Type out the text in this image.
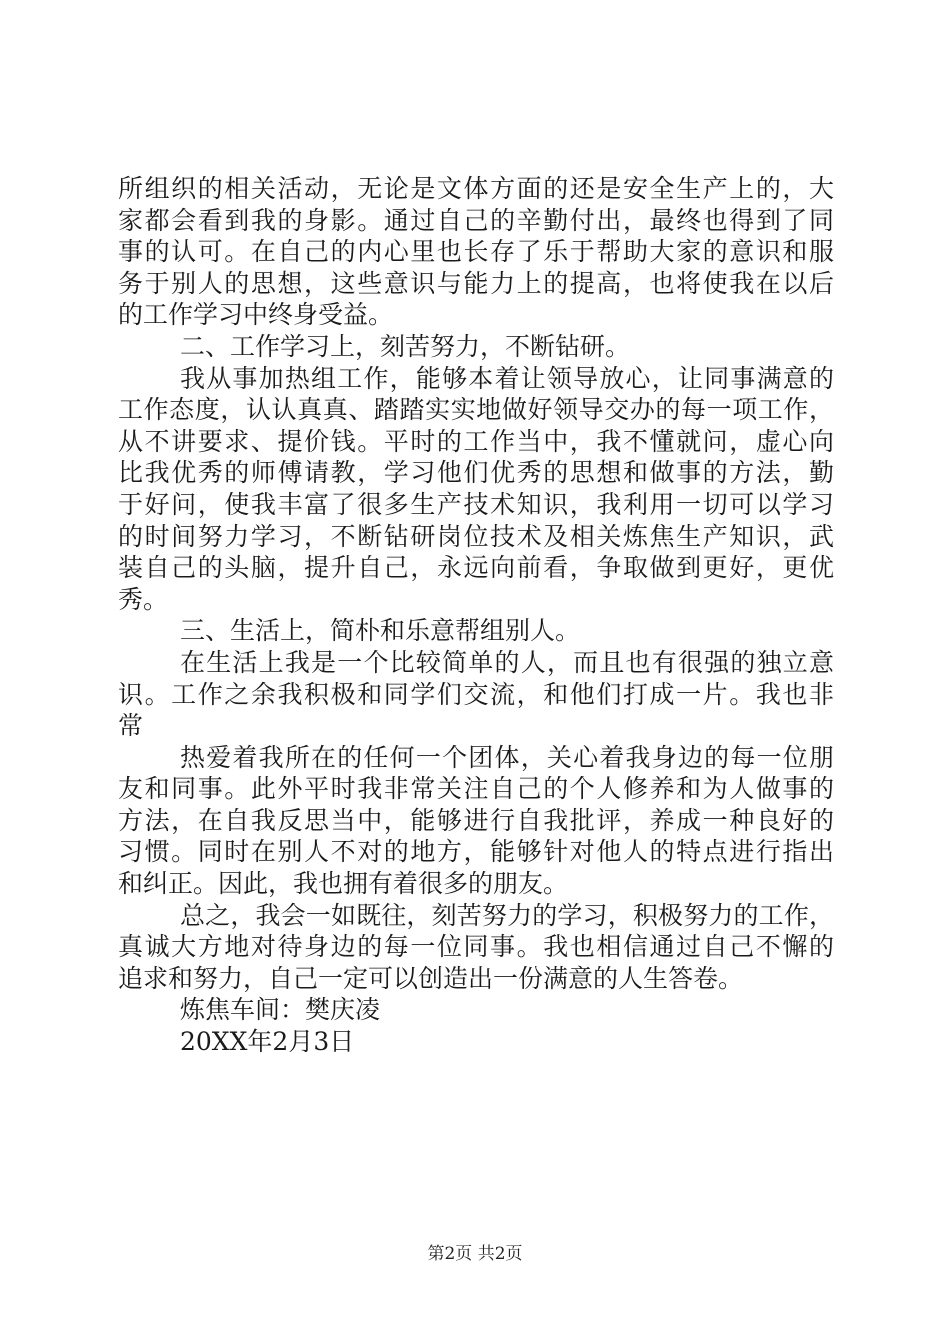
所组织的相关活动，无论是文体方面的还是安全生产上的，大
家都会看到我的身影。通过自己的辛勤付出，最终也得到了同
事的认可。在自己的内心里也长存了乐于帮助大家的意识和服
务于别人的思想，这些意识与能力上的提高，也将使我在以后
的工作学习中终身受益。
二、工作学习上，刻苦努力，不断钻研。
我从事加热组工作，能够本着让领导放心，让同事满意的
工作态度，认认真真、踏踏实实地做好领导交办的每一项工作，
从不讲要求、提价钱。平时的工作当中，我不懂就问，虚心向
比我优秀的师傅请教，学习他们优秀的思想和做事的方法，勤
于好问，使我丰富了很多生产技术知识，我利用一切可以学习
的时间努力学习，不断钻研岗位技术及相关炼焦生产知识，武
装自己的头脑，提升自己，永远向前看，争取做到更好，更优
秀。
三、生活上，简朴和乐意帮组别人。
在生活上我是一个比较简单的人，而且也有很强的独立意
识。工作之余我积极和同学们交流，和他们打成一片。我也非
常
热爱着我所在的任何一个团体，关心着我身边的每一位朋
友和同事。此外平时我非常关注自己的个人修养和为人做事的
方法，在自我反思当中，能够进行自我批评，养成一种良好的
习惯。同时在别人不对的地方，能够针对他人的特点进行指出
和纠正。因此，我也拥有着很多的朋友。
总之，我会一如既往，刻苦努力的学习，积极努力的工作，
真诚大方地对待身边的每一位同事。我也相信通过自己不懈的
追求和努力，自己一定可以创造出一份满意的人生答卷。
炼焦车间：樊庆凌
20XX年2月3日
第2页 共2页
